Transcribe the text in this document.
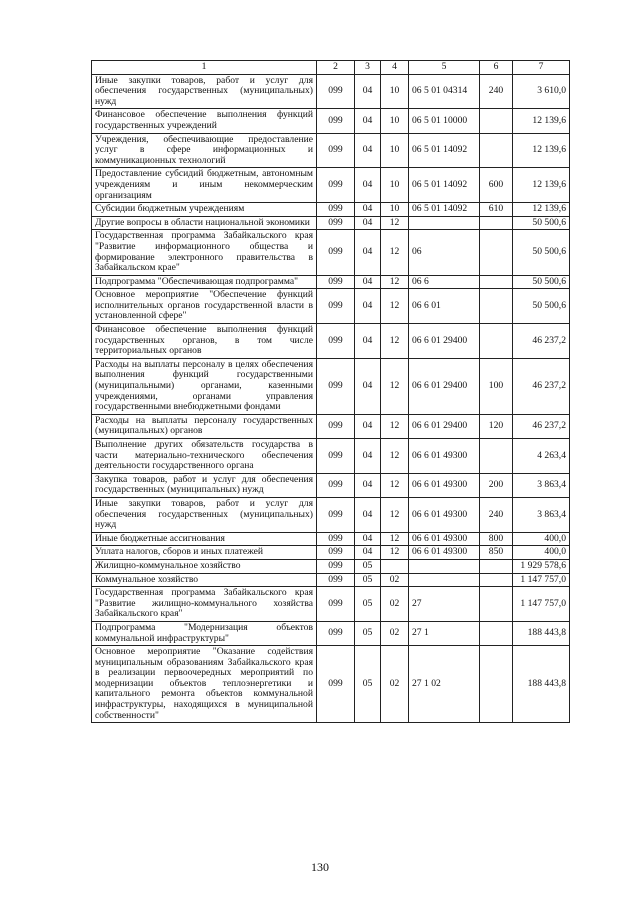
1	2	3	4	5	6	7
Иные закупки товаров, работ и услуг для обеспечения государственных (муниципальных) нужд	099	04	10	06 5 01 04314	240	3 610,0
Финансовое обеспечение выполнения функций государственных учреждений	099	04	10	06 5 01 10000		12 139,6
Учреждения, обеспечивающие предоставление услуг в сфере информационных и коммуникационных технологий	099	04	10	06 5 01 14092		12 139,6
Предоставление субсидий бюджетным, автономным учреждениям и иным некоммерческим организациям	099	04	10	06 5 01 14092	600	12 139,6
Субсидии бюджетным учреждениям	099	04	10	06 5 01 14092	610	12 139,6
Другие вопросы в области национальной экономики	099	04	12			50 500,6
Государственная программа Забайкальского края "Развитие информационного общества и формирование электронного правительства в Забайкальском крае"	099	04	12	06		50 500,6
Подпрограмма "Обеспечивающая подпрограмма"	099	04	12	06 6		50 500,6
Основное мероприятие "Обеспечение функций исполнительных органов государственной власти в установленной сфере"	099	04	12	06 6 01		50 500,6
Финансовое обеспечение выполнения функций государственных органов, в том числе территориальных органов	099	04	12	06 6 01 29400		46 237,2
Расходы на выплаты персоналу в целях обеспечения выполнения функций государственными (муниципальными) органами, казенными учреждениями, органами управления государственными внебюджетными фондами	099	04	12	06 6 01 29400	100	46 237,2
Расходы на выплаты персоналу государственных (муниципальных) органов	099	04	12	06 6 01 29400	120	46 237,2
Выполнение других обязательств государства в части материально-технического обеспечения деятельности государственного органа	099	04	12	06 6 01 49300		4 263,4
Закупка товаров, работ и услуг для обеспечения государственных (муниципальных) нужд	099	04	12	06 6 01 49300	200	3 863,4
Иные закупки товаров, работ и услуг для обеспечения государственных (муниципальных) нужд	099	04	12	06 6 01 49300	240	3 863,4
Иные бюджетные ассигнования	099	04	12	06 6 01 49300	800	400,0
Уплата налогов, сборов и иных платежей	099	04	12	06 6 01 49300	850	400,0
Жилищно-коммунальное хозяйство	099	05				1 929 578,6
Коммунальное хозяйство	099	05	02			1 147 757,0
Государственная программа Забайкальского края "Развитие жилищно-коммунального хозяйства Забайкальского края"	099	05	02	27		1 147 757,0
Подпрограмма "Модернизация объектов коммунальной инфраструктуры"	099	05	02	27 1		188 443,8
Основное мероприятие "Оказание содействия муниципальным образованиям Забайкальского края в реализации первоочередных мероприятий по модернизации объектов теплоэнергетики и капитального ремонта объектов коммунальной инфраструктуры, находящихся в муниципальной собственности"	099	05	02	27 1 02		188 443,8
130
